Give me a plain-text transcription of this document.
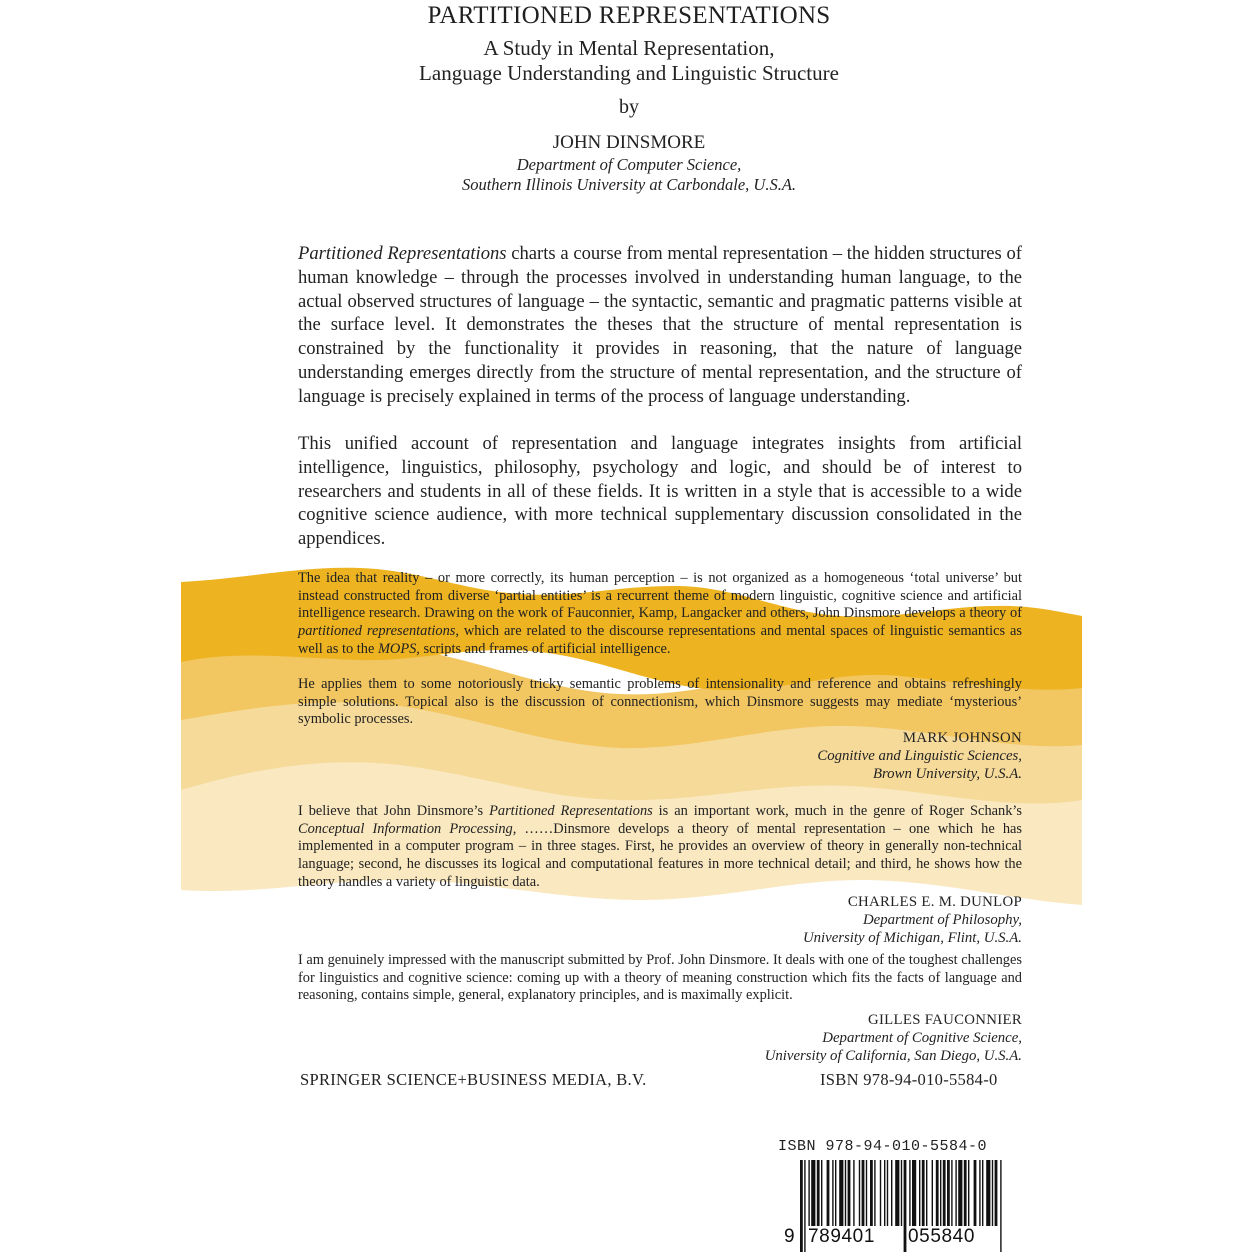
PARTITIONED REPRESENTATIONS
A Study in Mental Representation,
Language Understanding and Linguistic Structure
by
JOHN DINSMORE
Department of Computer Science,
Southern Illinois University at Carbondale, U.S.A.
Partitioned Representations charts a course from mental representation – the hidden structures of human knowledge – through the processes involved in understanding human language, to the actual observed structures of language – the syntactic, semantic and pragmatic patterns visible at the surface level. It demonstrates the theses that the structure of mental representation is constrained by the functionality it provides in reasoning, that the nature of language understanding emerges directly from the structure of mental representation, and the structure of language is precisely explained in terms of the process of language understanding.
This unified account of representation and language integrates insights from artificial intelligence, linguistics, philosophy, psychology and logic, and should be of interest to researchers and students in all of these fields. It is written in a style that is accessible to a wide cognitive science audience, with more technical supplementary discussion consolidated in the appendices.
The idea that reality – or more correctly, its human perception – is not organized as a homogeneous ‘total universe’ but instead constructed from diverse ‘partial entities’ is a recurrent theme of modern linguistic, cognitive science and artificial intelligence research. Drawing on the work of Fauconnier, Kamp, Langacker and others, John Dinsmore develops a theory of partitioned representations, which are related to the discourse representations and mental spaces of linguistic semantics as well as to the MOPS, scripts and frames of artificial intelligence.
He applies them to some notoriously tricky semantic problems of intensionality and reference and obtains refreshingly simple solutions. Topical also is the discussion of connectionism, which Dinsmore suggests may mediate ‘mysterious’ symbolic processes.
MARK JOHNSON
Cognitive and Linguistic Sciences,
Brown University, U.S.A.
I believe that John Dinsmore’s Partitioned Representations is an important work, much in the genre of Roger Schank’s Conceptual Information Processing, ……Dinsmore develops a theory of mental representation – one which he has implemented in a computer program – in three stages. First, he provides an overview of theory in generally non-technical language; second, he discusses its logical and computational features in more technical detail; and third, he shows how the theory handles a variety of linguistic data.
CHARLES E. M. DUNLOP
Department of Philosophy,
University of Michigan, Flint, U.S.A.
I am genuinely impressed with the manuscript submitted by Prof. John Dinsmore. It deals with one of the toughest challenges for linguistics and cognitive science: coming up with a theory of meaning construction which fits the facts of language and reasoning, contains simple, general, explanatory principles, and is maximally explicit.
GILLES FAUCONNIER
Department of Cognitive Science,
University of California, San Diego, U.S.A.
SPRINGER SCIENCE+BUSINESS MEDIA, B.V.	ISBN 978-94-010-5584-0
ISBN 978-94-010-5584-0
9 789401 055840
